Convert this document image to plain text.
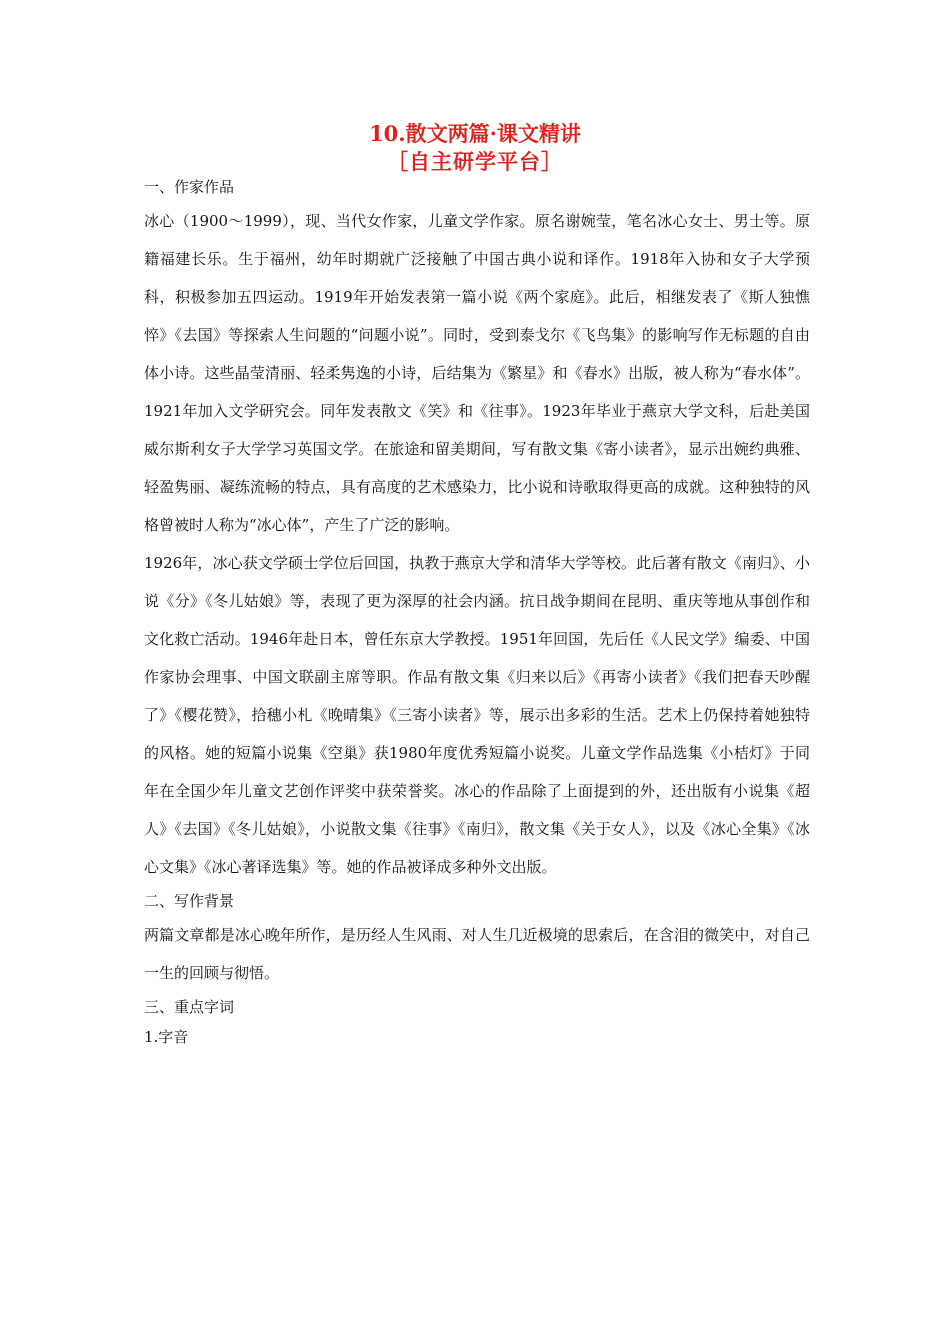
10.散文两篇·课文精讲
［自主研学平台］
一、作家作品

冰心（1900～1999），现、当代女作家，儿童文学作家。原名谢婉莹，笔名冰心女士、男士等。原籍福建长乐。生于福州，幼年时期就广泛接触了中国古典小说和译作。1918年入协和女子大学预科，积极参加五四运动。1919年开始发表第一篇小说《两个家庭》。此后，相继发表了《斯人独憔悴》《去国》等探索人生问题的“问题小说”。同时，受到泰戈尔《飞鸟集》的影响写作无标题的自由体小诗。这些晶莹清丽、轻柔隽逸的小诗，后结集为《繁星》和《春水》出版，被人称为“春水体”。1921年加入文学研究会。同年发表散文《笑》和《往事》。1923年毕业于燕京大学文科，后赴美国威尔斯利女子大学学习英国文学。在旅途和留美期间，写有散文集《寄小读者》，显示出婉约典雅、轻盈隽丽、凝练流畅的特点，具有高度的艺术感染力，比小说和诗歌取得更高的成就。这种独特的风格曾被时人称为“冰心体”，产生了广泛的影响。

1926年，冰心获文学硕士学位后回国，执教于燕京大学和清华大学等校。此后著有散文《南归》、小说《分》《冬儿姑娘》等，表现了更为深厚的社会内涵。抗日战争期间在昆明、重庆等地从事创作和文化救亡活动。1946年赴日本，曾任东京大学教授。1951年回国，先后任《人民文学》编委、中国作家协会理事、中国文联副主席等职。作品有散文集《归来以后》《再寄小读者》《我们把春天吵醒了》《樱花赞》，拾穗小札《晚晴集》《三寄小读者》等，展示出多彩的生活。艺术上仍保持着她独特的风格。她的短篇小说集《空巢》获1980年度优秀短篇小说奖。儿童文学作品选集《小桔灯》于同年在全国少年儿童文艺创作评奖中获荣誉奖。冰心的作品除了上面提到的外，还出版有小说集《超人》《去国》《冬儿姑娘》，小说散文集《往事》《南归》，散文集《关于女人》，以及《冰心全集》《冰心文集》《冰心著译选集》等。她的作品被译成多种外文出版。

二、写作背景

两篇文章都是冰心晚年所作，是历经人生风雨、对人生几近极境的思索后，在含泪的微笑中，对自己一生的回顾与彻悟。

三、重点字词
1.字音
